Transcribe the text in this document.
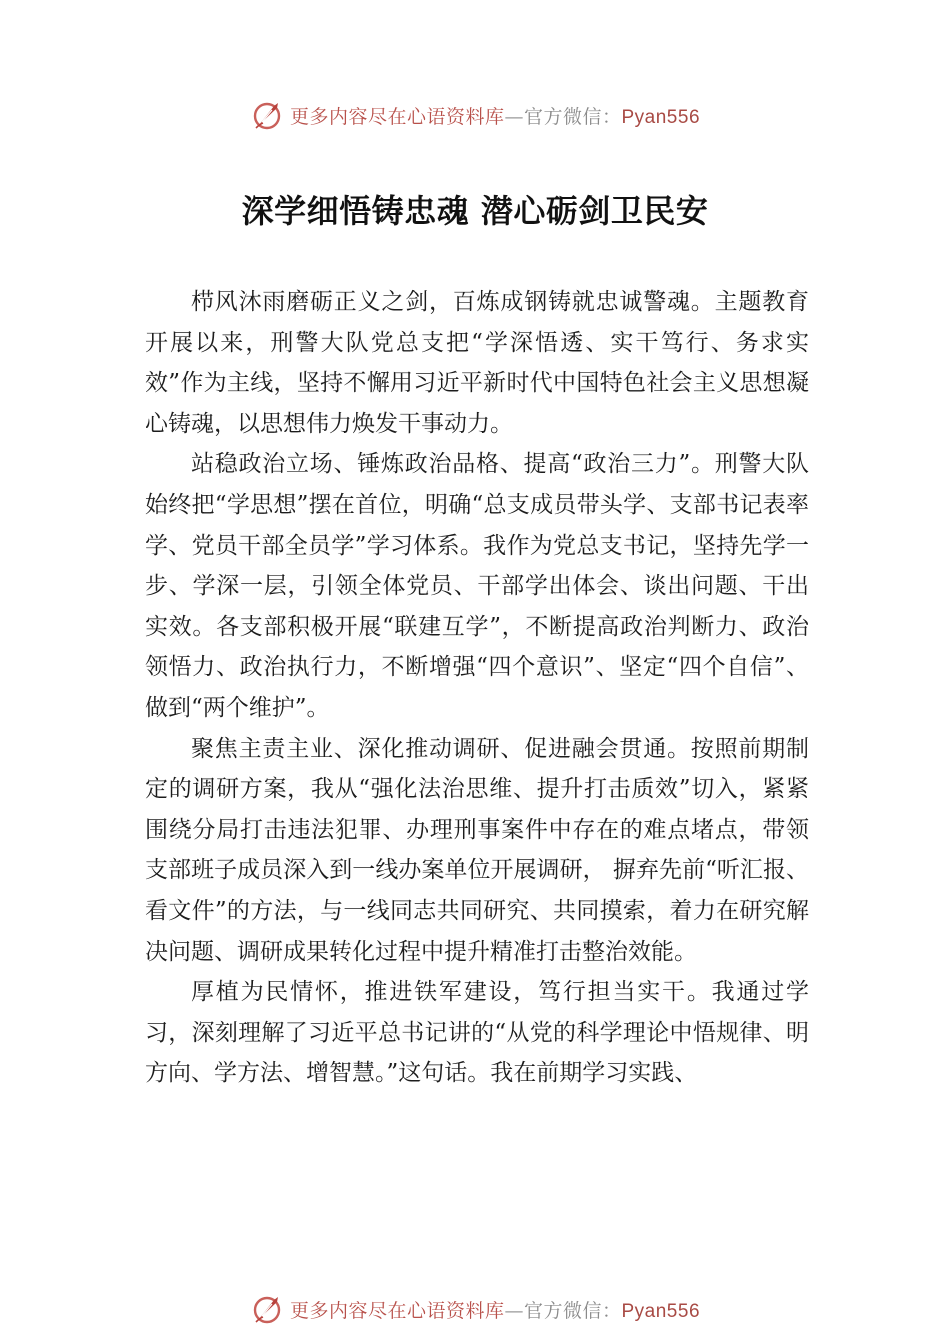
更多内容尽在心语资料库—官方微信：Pyan556
深学细悟铸忠魂 潜心砺剑卫民安

栉风沐雨磨砺正义之剑，百炼成钢铸就忠诚警魂。主题教育开展以来，刑警大队党总支把“学深悟透、实干笃行、务求实效”作为主线，坚持不懈用习近平新时代中国特色社会主义思想凝心铸魂，以思想伟力焕发干事动力。

站稳政治立场、锤炼政治品格、提高“政治三力”。刑警大队始终把“学思想”摆在首位，明确“总支成员带头学、支部书记表率学、党员干部全员学”学习体系。我作为党总支书记，坚持先学一步、学深一层，引领全体党员、干部学出体会、谈出问题、干出实效。各支部积极开展“联建互学”，不断提高政治判断力、政治领悟力、政治执行力，不断增强“四个意识”、坚定“四个自信”、做到“两个维护”。

聚焦主责主业、深化推动调研、促进融会贯通。按照前期制定的调研方案，我从“强化法治思维、提升打击质效”切入，紧紧围绕分局打击违法犯罪、办理刑事案件中存在的难点堵点，带领支部班子成员深入到一线办案单位开展调研， 摒弃先前“听汇报、看文件”的方法，与一线同志共同研究、共同摸索，着力在研究解决问题、调研成果转化过程中提升精准打击整治效能。

厚植为民情怀，推进铁军建设，笃行担当实干。我通过学习，深刻理解了习近平总书记讲的“从党的科学理论中悟规律、明方向、学方法、增智慧。”这句话。我在前期学习实践、

更多内容尽在心语资料库—官方微信：Pyan556
